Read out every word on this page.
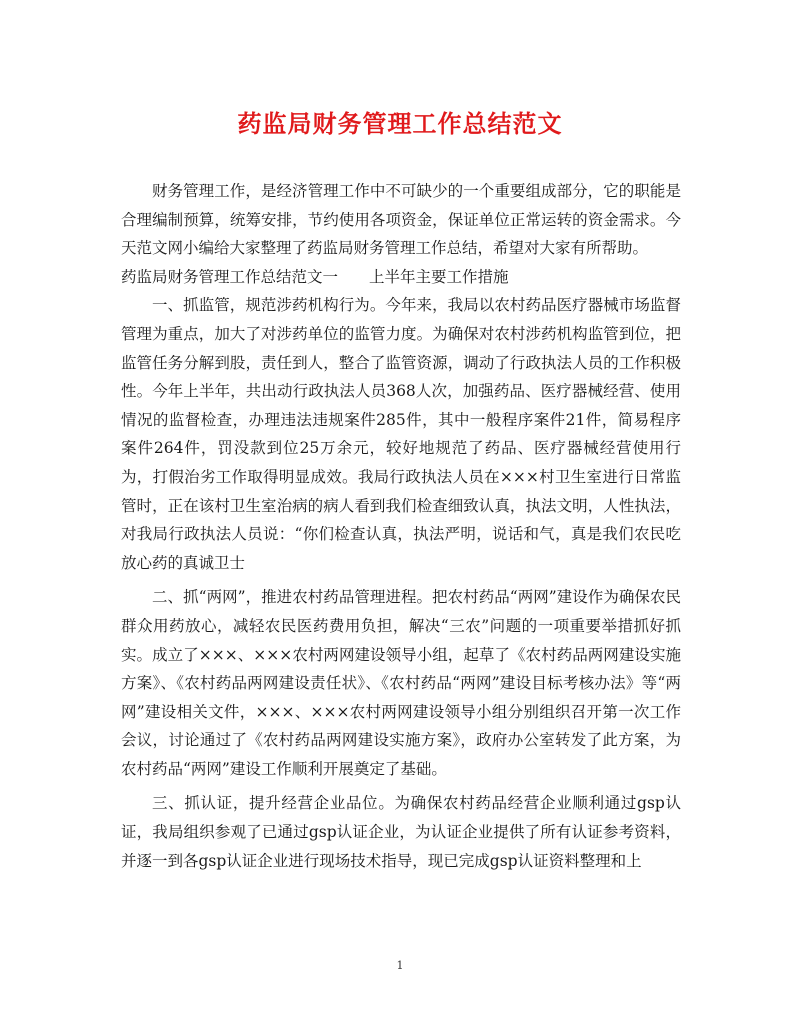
药监局财务管理工作总结范文

财务管理工作，是经济管理工作中不可缺少的一个重要组成部分，它的职能是合理编制预算，统筹安排，节约使用各项资金，保证单位正常运转的资金需求。今天范文网小编给大家整理了药监局财务管理工作总结，希望对大家有所帮助。

药监局财务管理工作总结范文一　　上半年主要工作措施

一、抓监管，规范涉药机构行为。今年来，我局以农村药品医疗器械市场监督管理为重点，加大了对涉药单位的监管力度。为确保对农村涉药机构监管到位，把监管任务分解到股，责任到人，整合了监管资源，调动了行政执法人员的工作积极性。今年上半年，共出动行政执法人员368人次，加强药品、医疗器械经营、使用情况的监督检查，办理违法违规案件285件，其中一般程序案件21件，简易程序案件264件，罚没款到位25万余元，较好地规范了药品、医疗器械经营使用行为，打假治劣工作取得明显成效。我局行政执法人员在×××村卫生室进行日常监管时，正在该村卫生室治病的病人看到我们检查细致认真，执法文明，人性执法，对我局行政执法人员说：“你们检查认真，执法严明，说话和气，真是我们农民吃放心药的真诚卫士

二、抓“两网”，推进农村药品管理进程。把农村药品“两网”建设作为确保农民群众用药放心，减轻农民医药费用负担，解决“三农”问题的一项重要举措抓好抓实。成立了×××、×××农村两网建设领导小组，起草了《农村药品两网建设实施方案》、《农村药品两网建设责任状》、《农村药品“两网”建设目标考核办法》等“两网”建设相关文件，×××、×××农村两网建设领导小组分别组织召开第一次工作会议，讨论通过了《农村药品两网建设实施方案》，政府办公室转发了此方案，为农村药品“两网”建设工作顺利开展奠定了基础。

三、抓认证，提升经营企业品位。为确保农村药品经营企业顺利通过gsp认证，我局组织参观了已通过gsp认证企业，为认证企业提供了所有认证参考资料，并逐一到各gsp认证企业进行现场技术指导，现已完成gsp认证资料整理和上

1
